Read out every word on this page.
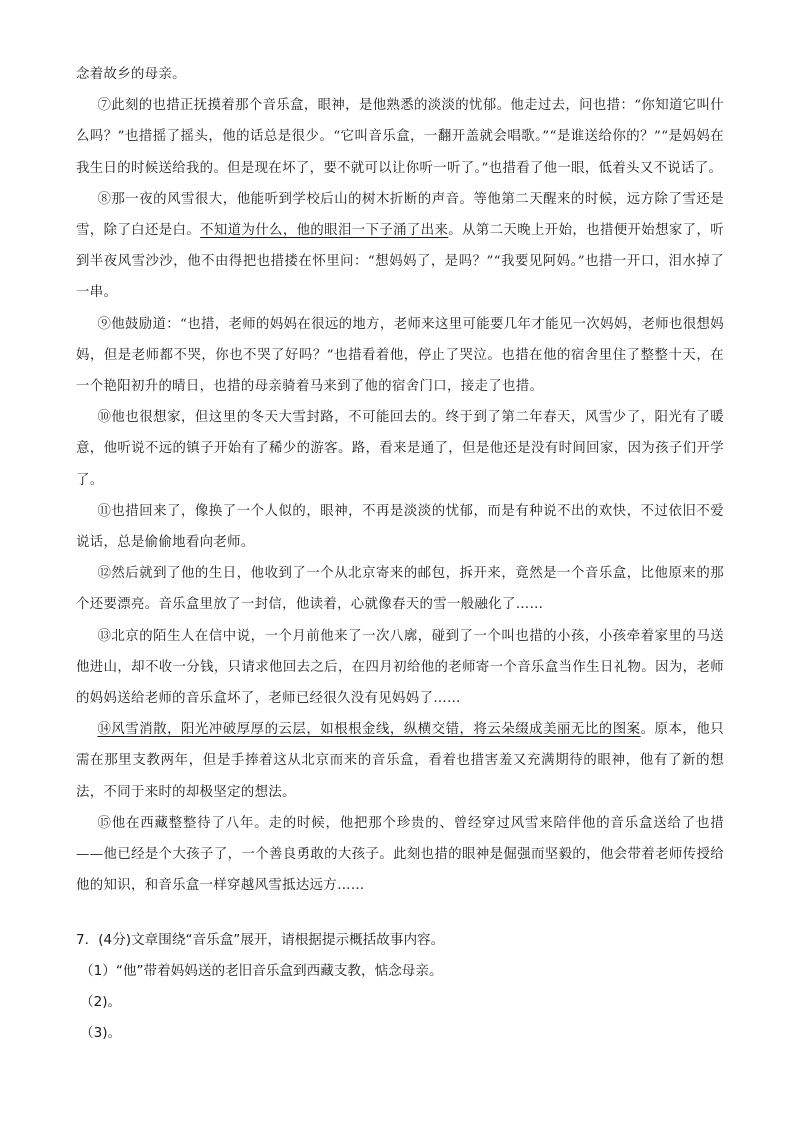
念着故乡的母亲。

⑦此刻的也措正抚摸着那个音乐盒，眼神，是他熟悉的淡淡的忧郁。他走过去，问也措：“你知道它叫什么吗？”也措摇了摇头，他的话总是很少。“它叫音乐盒，一翻开盖就会唱歌。”“是谁送给你的？”“是妈妈在我生日的时候送给我的。但是现在坏了，要不就可以让你听一听了。”也措看了他一眼，低着头又不说话了。

⑧那一夜的风雪很大，他能听到学校后山的树木折断的声音。等他第二天醒来的时候，远方除了雪还是雪，除了白还是白。不知道为什么，他的眼泪一下子涌了出来。从第二天晚上开始，也措便开始想家了，听到半夜风雪沙沙，他不由得把也措搂在怀里问：“想妈妈了，是吗？”“我要见阿妈。”也措一开口，泪水掉了一串。

⑨他鼓励道：“也措，老师的妈妈在很远的地方，老师来这里可能要几年才能见一次妈妈，老师也很想妈妈，但是老师都不哭，你也不哭了好吗？”也措看着他，停止了哭泣。也措在他的宿舍里住了整整十天，在一个艳阳初升的晴日，也措的母亲骑着马来到了他的宿舍门口，接走了也措。

⑩他也很想家，但这里的冬天大雪封路，不可能回去的。终于到了第二年春天，风雪少了，阳光有了暖意，他听说不远的镇子开始有了稀少的游客。路，看来是通了，但是他还是没有时间回家，因为孩子们开学了。

⑪也措回来了，像换了一个人似的，眼神，不再是淡淡的忧郁，而是有种说不出的欢快，不过依旧不爱说话，总是偷偷地看向老师。

⑫然后就到了他的生日，他收到了一个从北京寄来的邮包，拆开来，竟然是一个音乐盒，比他原来的那个还要漂亮。音乐盒里放了一封信，他读着，心就像春天的雪一般融化了……

⑬北京的陌生人在信中说，一个月前他来了一次八廓，碰到了一个叫也措的小孩，小孩牵着家里的马送他进山，却不收一分钱，只请求他回去之后，在四月初给他的老师寄一个音乐盒当作生日礼物。因为，老师的妈妈送给老师的音乐盒坏了，老师已经很久没有见妈妈了……

⑭风雪消散，阳光冲破厚厚的云层，如根根金线，纵横交错，将云朵缀成美丽无比的图案。原本，他只需在那里支教两年，但是手捧着这从北京而来的音乐盒，看着也措害羞又充满期待的眼神，他有了新的想法，不同于来时的却极坚定的想法。

⑮他在西藏整整待了八年。走的时候，他把那个珍贵的、曾经穿过风雪来陪伴他的音乐盒送给了也措——他已经是个大孩子了，一个善良勇敢的大孩子。此刻也措的眼神是倔强而坚毅的，他会带着老师传授给他的知识，和音乐盒一样穿越风雪抵达远方……

7．(4分)文章围绕“音乐盒”展开，请根据提示概括故事内容。

（1）“他”带着妈妈送的老旧音乐盒到西藏支教，惦念母亲。

（2)。

（3)。
